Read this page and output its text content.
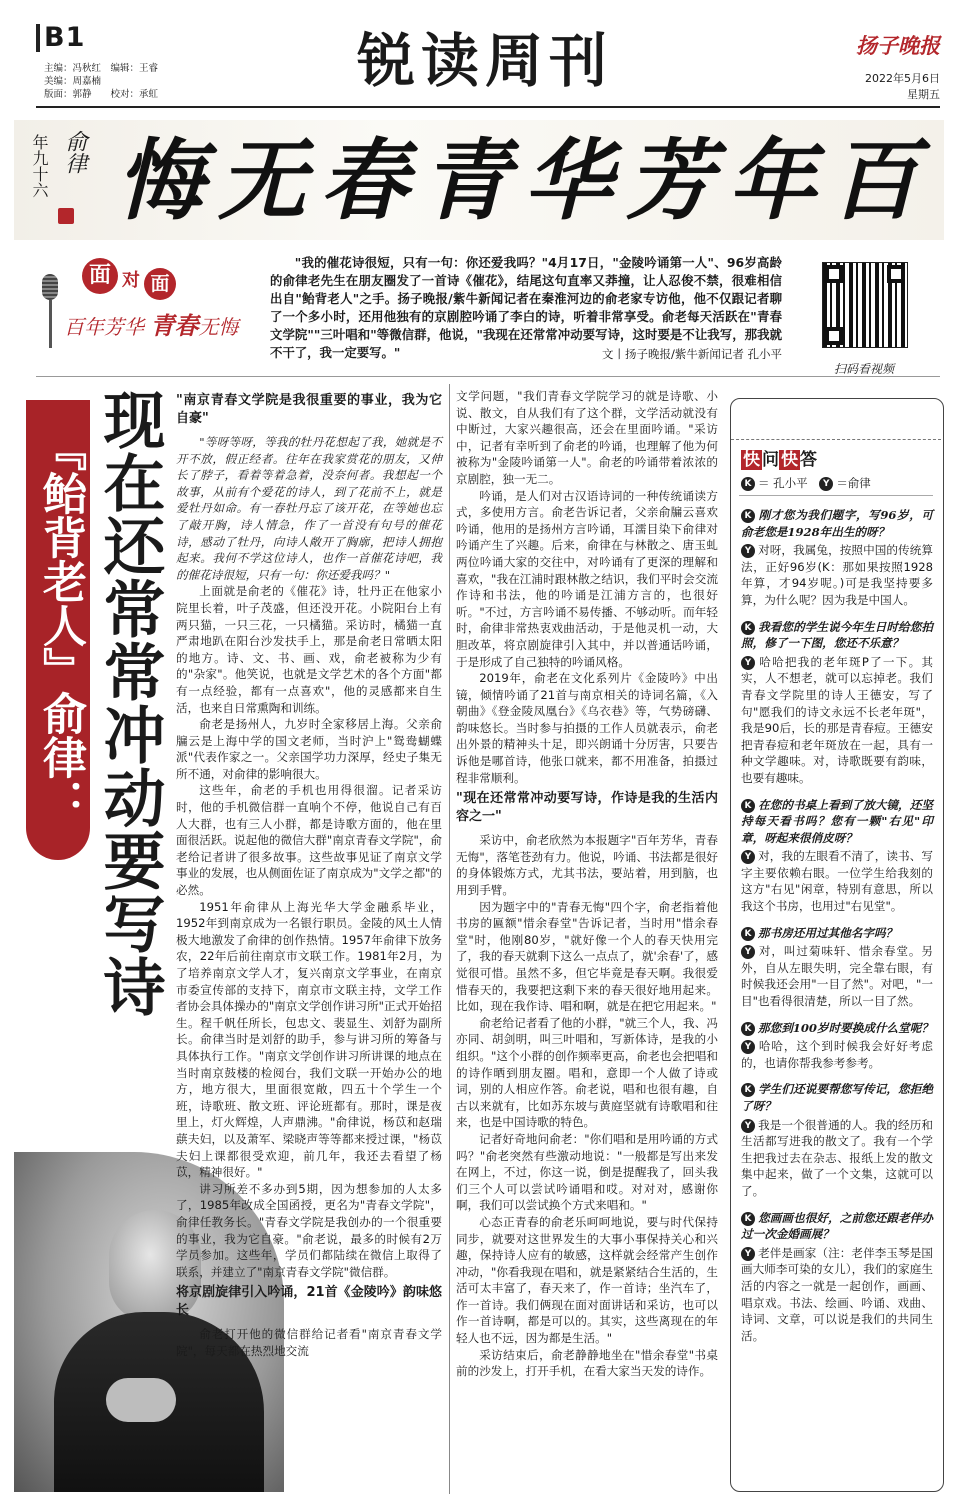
B1
主编：冯秋红　编辑：王睿
美编：周嘉楠
版面：郭静　　校对：承虹	锐读周刊	扬子晚报
2022年5月6日
星期五
年九十六 俞律 百年芳华青春无悔
面 对 面
百年芳华 青春无悔
"我的催花诗很短，只有一句：你还爱我吗？"4月17日，"金陵吟诵第一人"、96岁高龄的俞律老先生在朋友圈发了一首诗《催花》，结尾这句直率又莽撞，让人忍俊不禁，很难相信出自"鲐背老人"之手。扬子晚报/紫牛新闻记者在秦淮河边的俞老家专访他，他不仅跟记者聊了一个多小时，还用他独有的京剧腔吟诵了李白的诗，听着非常享受。俞老每天活跃在"青春文学院""三叶唱和"等微信群，他说，"我现在还常常冲动要写诗，这时要是不让我写，那我就不干了，我一定要写。"	文丨扬子晚报/紫牛新闻记者 孔小平
扫码看视频
现在还常常冲动要写诗
『鲐背老人』俞律：
"南京青春文学院是我很重要的事业，我为它自豪"

"等呀等呀，等我的牡丹花想起了我，她就是不开不放，假正经者。往年在我家赏花的朋友，又伸长了脖子，看着等着急着，没奈何者。我想起一个故事，从前有个爱花的诗人，到了花前不上，就是爱牡丹如命。有一春牡丹忘了该开花，在等她也忘了敲开胸，诗人情急，作了一首没有句号的催花诗，感动了牡丹，向诗人敞开了胸廓，把诗人拥抱起来。我何不学这位诗人，也作一首催花诗吧，我的催花诗很短，只有一句：你还爱我吗？"

上面就是俞老的《催花》诗，牡丹正在他家小院里长着，叶子茂盛，但还没开花。小院阳台上有两只猫，一只三花，一只橘猫。采访时，橘猫一直严肃地趴在阳台沙发扶手上，那是俞老日常晒太阳的地方。诗、文、书、画、戏，俞老被称为少有的"杂家"。他笑说，也就是文学艺术的各个方面"都有一点经验，都有一点喜欢"，他的灵感都来自生活，也来自日常熏陶和训练。

俞老是扬州人，九岁时全家移居上海。父亲俞牖云是上海中学的国文老师，当时沪上"鸳鸯蝴蝶派"代表作家之一。父亲国学功力深厚，经史子集无所不通，对俞律的影响很大。

这些年，俞老的手机也用得很溜。记者采访时，他的手机微信群一直响个不停，他说自己有百人大群，也有三人小群，都是诗歌方面的，他在里面很活跃。说起他的微信大群"南京青春文学院"，俞老给记者讲了很多故事。这些故事见证了南京文学事业的发展，也从侧面佐证了南京成为"文学之都"的必然。

1951年俞律从上海光华大学金融系毕业，1952年到南京成为一名银行职员。金陵的风土人情极大地激发了俞律的创作热情。1957年俞律下放务农，22年后前往南京市文联工作。1981年2月，为了培养南京文学人才，复兴南京文学事业，在南京市委宣传部的支持下，南京市文联主持，文学工作者协会具体操办的"南京文学创作讲习所"正式开始招生。程千帆任所长，包忠文、裴显生、刘舒为副所长。俞律当时是刘舒的助手，参与讲习所的筹备与具体执行工作。"南京文学创作讲习所讲课的地点在当时南京鼓楼的检阅台，我们文联一开始办公的地方，地方很大，里面很宽敞，四五十个学生一个班，诗歌班、散文班、评论班都有。那时，课是夜里上，灯火辉煌，人声鼎沸。"俞律说，杨苡和赵瑞蕻夫妇，以及萧军、梁晓声等等都来授过课，"杨苡夫妇上课都很受欢迎，前几年，我还去看望了杨苡，精神很好。"

讲习所差不多办到5期，因为想参加的人太多了，1985年改成全国函授，更名为"青春文学院"，俞律任教务长。"青春文学院是我创办的一个很重要的事业，我为它自豪。"俞老说，最多的时候有2万学员参加。这些年，学员们都陆续在微信上取得了联系，并建立了"南京青春文学院"微信群。

将京剧旋律引入吟诵，21首《金陵吟》韵味悠长

俞老打开他的微信群给记者看"南京青春文学院"，每天都在热烈地交流

文学问题，"我们青春文学院学习的就是诗歌、小说、散文，自从我们有了这个群，文学活动就没有中断过，大家兴趣很高，还会在里面吟诵。"采访中，记者有幸听到了俞老的吟诵，也理解了他为何被称为"金陵吟诵第一人"。俞老的吟诵带着浓浓的京剧腔，独一无二。

吟诵，是人们对古汉语诗词的一种传统诵读方式，多使用方言。俞老告诉记者，父亲俞牖云喜欢吟诵，他用的是扬州方言吟诵，耳濡目染下俞律对吟诵产生了兴趣。后来，俞律在与林散之、唐玉虬两位吟诵大家的交往中，对吟诵有了更深的理解和喜欢，"我在江浦时跟林散之结识，我们平时会交流作诗和书法，他的吟诵是江浦方言的，也很好听。"不过，方言吟诵不易传播、不够动听。而年轻时，俞律非常热衷戏曲活动，于是他灵机一动，大胆改革，将京剧旋律引入其中，并以普通话吟诵，于是形成了自己独特的吟诵风格。

2019年，俞老在文化系列片《金陵吟》中出镜，倾情吟诵了21首与南京相关的诗词名篇，《入朝曲》《登金陵凤凰台》《乌衣巷》等，气势磅礴、韵味悠长。当时参与拍摄的工作人员就表示，俞老出外景的精神头十足，即兴朗诵十分厉害，只要告诉他是哪首诗，他张口就来，都不用准备，拍摄过程非常顺利。

"现在还常常冲动要写诗，作诗是我的生活内容之一"

采访中，俞老欣然为本报题字"百年芳华，青春无悔"，落笔苍劲有力。他说，吟诵、书法都是很好的身体锻炼方式，尤其书法，要站着，用到脑，也用到手臂。

因为题字中的"青春无悔"四个字，俞老指着他书房的匾额"惜余春堂"告诉记者，当时用"惜余春堂"时，他刚80岁，"就好像一个人的春天快用完了，我的春天就剩下这么一点点了，就'余春'了，感觉很可惜。虽然不多，但它毕竟是春天啊。我很爱惜春天的，我要把这剩下来的春天很好地用起来。比如，现在我作诗、唱和啊，就是在把它用起来。"

俞老给记者看了他的小群，"就三个人，我、冯亦同、胡剑明，叫三叶唱和，写新体诗，是我的小组织。"这个小群的创作频率更高，俞老也会把唱和的诗作晒到朋友圈。唱和，意即一个人做了诗或词，别的人相应作答。俞老说，唱和也很有趣，自古以来就有，比如苏东坡与黄庭坚就有诗歌唱和往来，也是中国诗歌的特色。

记者好奇地问俞老："你们唱和是用吟诵的方式吗？"俞老突然有些激动地说："一般都是写出来发在网上，不过，你这一说，倒是提醒我了，回头我们三个人可以尝试吟诵唱和哎。对对对，感谢你啊，我们可以尝试换个方式来唱和。"

心态正青春的俞老乐呵呵地说，要与时代保持同步，就要对这世界发生的大事小事保持关心和兴趣，保持诗人应有的敏感，这样就会经常产生创作冲动，"你看我现在唱和，就是紧紧结合生活的，生活可太丰富了，春天来了，作一首诗；坐汽车了，作一首诗。我们俩现在面对面讲话和采访，也可以作一首诗啊，都是可以的。其实，这些离现在的年轻人也不远，因为都是生活。"

采访结束后，俞老静静地坐在"惜余春堂"书桌前的沙发上，打开手机，在看大家当天发的诗作。

快 问 快 答
K ＝ 孔小平 Y ＝俞律

K 刚才您为我们题字，写96岁，可俞老您是1928年出生的呀？

Y 对呀，我属兔，按照中国的传统算法，正好96岁(K：那如果按照1928年算，才94岁呢。)可是我坚持要多算，为什么呢？因为我是中国人。

K 我看您的学生说今年生日时给您拍照，修了一下图，您还不乐意？

Y 哈哈把我的老年斑P了一下。其实，人不想老，就可以忘掉老。我们青春文学院里的诗人王德安，写了句"愿我们的诗文永远不长老年斑"，我是90后，长的那是青春痘。王德安把青春痘和老年斑放在一起，具有一种文学趣味。对，诗歌既要有韵味，也要有趣味。

K 在您的书桌上看到了放大镜，还坚持每天看书吗？您有一颗"右见"印章，呀起来很俏皮呀？

Y 对，我的左眼看不清了，读书、写字主要依赖右眼。一位学生给我刻的这方"右见"闲章，特别有意思，所以我这个书房，也用过"右见堂"。

K 那书房还用过其他名字吗？

Y 对，叫过菊味轩、惜余春堂。另外，自从左眼失明，完全靠右眼，有时候我还会用"一目了然"。对吧，"一目"也看得很清楚，所以一目了然。

K 那您到100岁时要换成什么堂呢？

Y 哈哈，这个到时候我会好好考虑的，也请你帮我参考参考。

K 学生们还说要帮您写传记，您拒绝了呀？

Y 我是一个很普通的人。我的经历和生活都写进我的散文了。我有一个学生把我过去在杂志、报纸上发的散文集中起来，做了一个文集，这就可以了。

K 您画画也很好，之前您还跟老伴办过一次金婚画展？

Y 老伴是画家（注：老伴李玉琴是国画大师李可染的女儿），我们的家庭生活的内容之一就是一起创作，画画、唱京戏。书法、绘画、吟诵、戏曲、诗词、文章，可以说是我们的共同生活。
